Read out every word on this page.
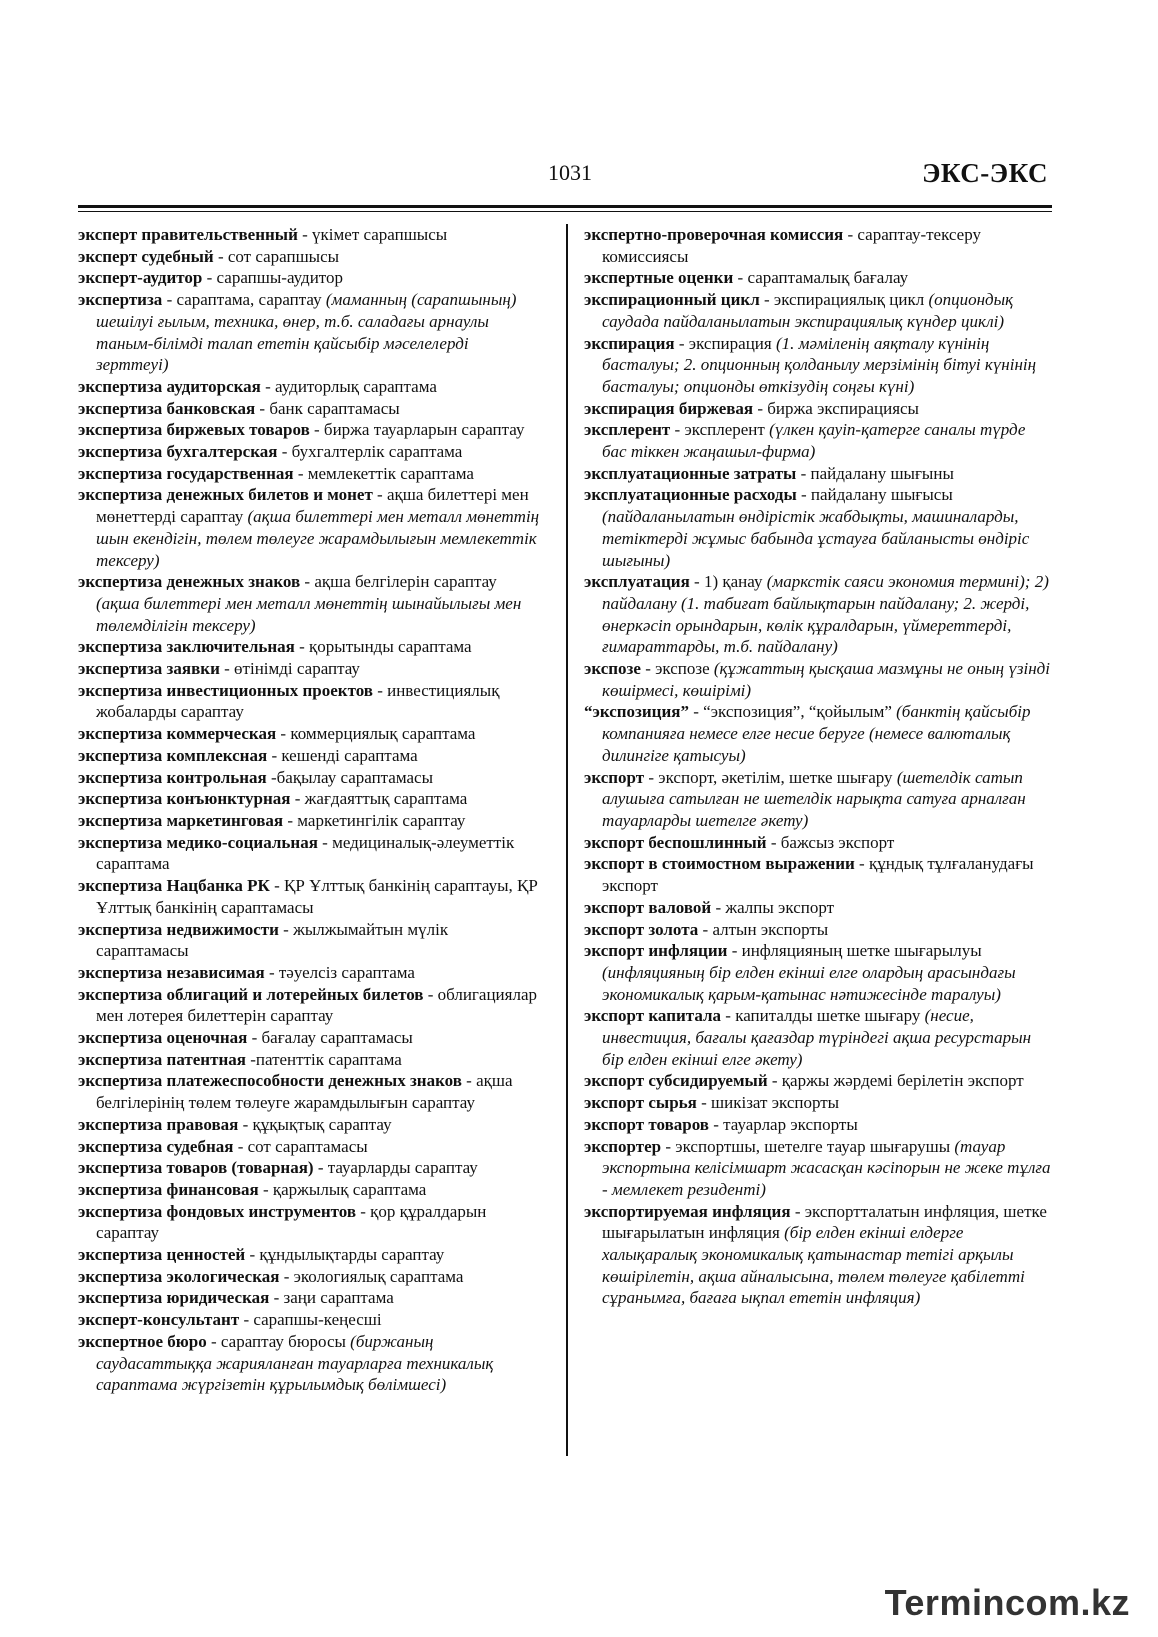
1031	ЭКС-ЭКС
эксперт правительственный - үкімет сарапшысы
эксперт судебный - сот сарапшысы
эксперт-аудитор - сарапшы-аудитор
экспертиза - сараптама, сараптау (маманның (сарапшының) шешілуі ғылым, техника, өнер, т.б. саладағы арнаулы таным-білімді талап ететін қайсыбір мәселелерді зерттеуі)
экспертиза аудиторская - аудиторлық сараптама
экспертиза банковская - банк сараптамасы
экспертиза биржевых товаров - биржа тауарларын сараптау
экспертиза бухгалтерская - бухгалтерлік сараптама
экспертиза государственная - мемлекеттік сараптама
экспертиза денежных билетов и монет - ақша билеттері мен мөнеттерді сараптау (ақша билеттері мен металл мөнеттің шын екендігін, төлем төлеуге жарамдылығын мемлекеттік тексеру)
экспертиза денежных знаков - ақша белгілерін сараптау (ақша билеттері мен металл мөнеттің шынайылығы мен төлемділігін тексеру)
экспертиза заключительная - қорытынды сараптама
экспертиза заявки - өтінімді сараптау
экспертиза инвестиционных проектов - инвестициялық жобаларды сараптау
экспертиза коммерческая - коммерциялық сараптама
экспертиза комплексная - кешенді сараптама
экспертиза контрольная -бақылау сараптамасы
экспертиза конъюнктурная - жағдаяттық сараптама
экспертиза маркетинговая - маркетингілік сараптау
экспертиза медико-социальная - медициналық-әлеуметтік сараптама
экспертиза Нацбанка РК - ҚР Ұлттық банкінің сараптауы, ҚР Ұлттық банкінің сараптамасы
экспертиза недвижимости - жылжымайтын мүлік сараптамасы
экспертиза независимая - тәуелсіз сараптама
экспертиза облигаций и лотерейных билетов - облигациялар мен лотерея билеттерін сараптау
экспертиза оценочная - бағалау сараптамасы
экспертиза патентная -патенттік сараптама
экспертиза платежеспособности денежных знаков - ақша белгілерінің төлем төлеуге жарамдылығын сараптау
экспертиза правовая - құқықтық сараптау
экспертиза судебная - сот сараптамасы
экспертиза товаров (товарная) - тауарларды сараптау
экспертиза финансовая - қаржылық сараптама
экспертиза фондовых инструментов - қор құралдарын сараптау
экспертиза ценностей - құндылықтарды сараптау
экспертиза экологическая - экологиялық сараптама
экспертиза юридическая - заңи сараптама
эксперт-консультант - сарапшы-кеңесші
экспертное бюро - сараптау бюросы (биржаның саудасаттыққа жарияланған тауарларға техникалық сараптама жүргізетін құрылымдық бөлімшесі)
экспертно-проверочная комиссия - сараптау-тексеру комиссиясы
экспертные оценки - сараптамалық бағалау
экспирационный цикл - экспирациялық цикл (опциондық саудада пайдаланылатын экспирациялық күндер циклі)
экспирация - экспирация (1. мәміленің аяқталу күнінің басталуы; 2. опционның қолданылу мерзімінің бітуі күнінің басталуы; опционды өткізудің соңғы күні)
экспирация биржевая - биржа экспирациясы
эксплерент - эксплерент (үлкен қауіп-қатерге саналы түрде бас тіккен жаңашыл-фирма)
эксплуатационные затраты - пайдалану шығыны
эксплуатационные расходы - пайдалану шығысы (пайдаланылатын өндірістік жабдықты, машиналарды, тетіктерді жұмыс бабында ұстауға байланысты өндіріс шығыны)
эксплуатация - 1) қанау (маркстік саяси экономия термині); 2) пайдалану (1. табиғат байлықтарын пайдалану; 2. жерді, өнеркәсіп орындарын, көлік құралдарын, үймереттерді, ғимараттарды, т.б. пайдалану)
экспозе - экспозе (құжаттың қысқаша мазмұны не оның үзінді көшірмесі, көшірімі)
“экспозиция” - “экспозиция”, “қойылым” (банктің қайсыбір компанияға немесе елге несие беруге (немесе валюталық дилингіге қатысуы)
экспорт - экспорт, әкетілім, шетке шығару (шетелдік сатып алушыға сатылған не шетелдік нарықта сатуға арналған тауарларды шетелге әкету)
экспорт беспошлинный - бажсыз экспорт
экспорт в стоимостном выражении - құндық тұлғаланудағы экспорт
экспорт валовой - жалпы экспорт
экспорт золота - алтын экспорты
экспорт инфляции - инфляцияның шетке шығарылуы (инфляцияның бір елден екінші елге олардың арасындағы экономикалық қарым-қатынас нәтижесінде таралуы)
экспорт капитала - капиталды шетке шығару (несие, инвестиция, бағалы қағаздар түріндегі ақша ресурстарын бір елден екінші елге әкету)
экспорт субсидируемый - қаржы жәрдемі берілетін экспорт
экспорт сырья - шикізат экспорты
экспорт товаров - тауарлар экспорты
экспортер - экспортшы, шетелге тауар шығарушы (тауар экспортына келісімшарт жасасқан кәсіпорын не жеке тұлға - мемлекет резиденті)
экспортируемая инфляция - экспортталатын инфляция, шетке шығарылатын инфляция (бір елден екінші елдерге халықаралық экономикалық қатынастар тетігі арқылы көшірілетін, ақша айналысына, төлем төлеуге қабілетті сұранымға, бағаға ықпал ететін инфляция)
Termincom.kz
